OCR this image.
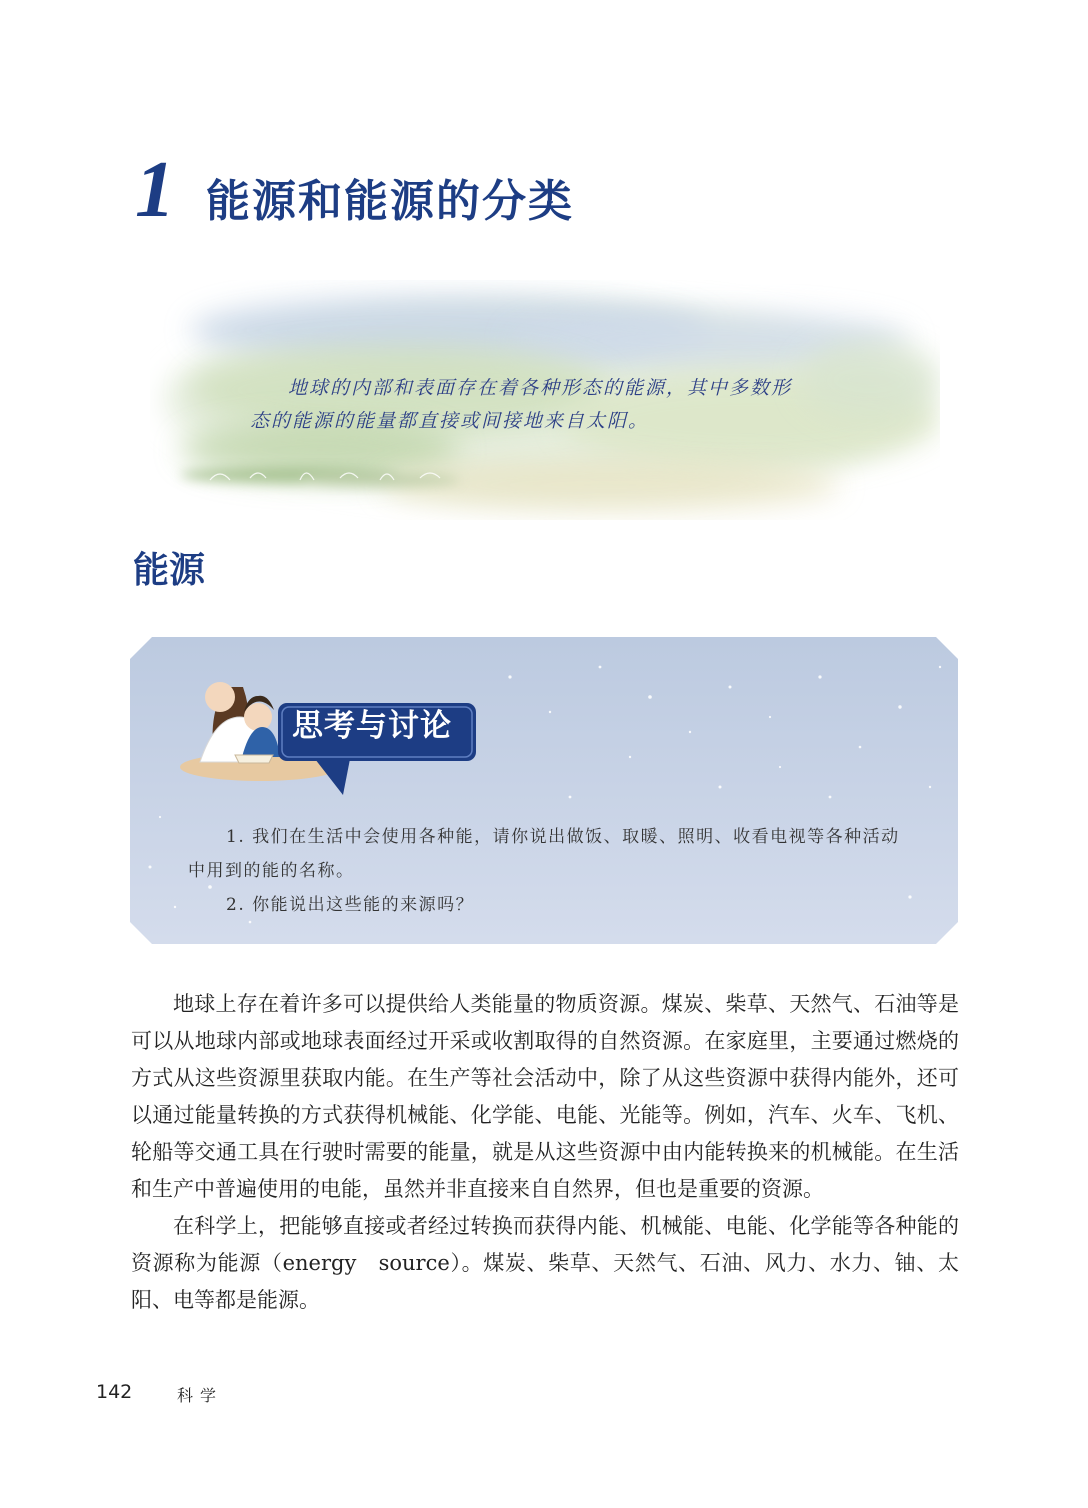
1 能源和能源的分类

地球的内部和表面存在着各种形态的能源，其中多数形

态的能源的能量都直接或间接地来自太阳。

能源
思考与讨论

1. 我们在生活中会使用各种能，请你说出做饭、取暖、照明、收看电视等各种活动中用到的能的名称。

2. 你能说出这些能的来源吗？

地球上存在着许多可以提供给人类能量的物质资源。煤炭、柴草、天然气、石油等是可以从地球内部或地球表面经过开采或收割取得的自然资源。在家庭里，主要通过燃烧的方式从这些资源里获取内能。在生产等社会活动中，除了从这些资源中获得内能外，还可以通过能量转换的方式获得机械能、化学能、电能、光能等。例如，汽车、火车、飞机、轮船等交通工具在行驶时需要的能量，就是从这些资源中由内能转换来的机械能。在生活和生产中普遍使用的电能，虽然并非直接来自自然界，但也是重要的资源。

在科学上，把能够直接或者经过转换而获得内能、机械能、电能、化学能等各种能的资源称为能源（energy　source）。煤炭、柴草、天然气、石油、风力、水力、铀、太阳、电等都是能源。

142	科学
